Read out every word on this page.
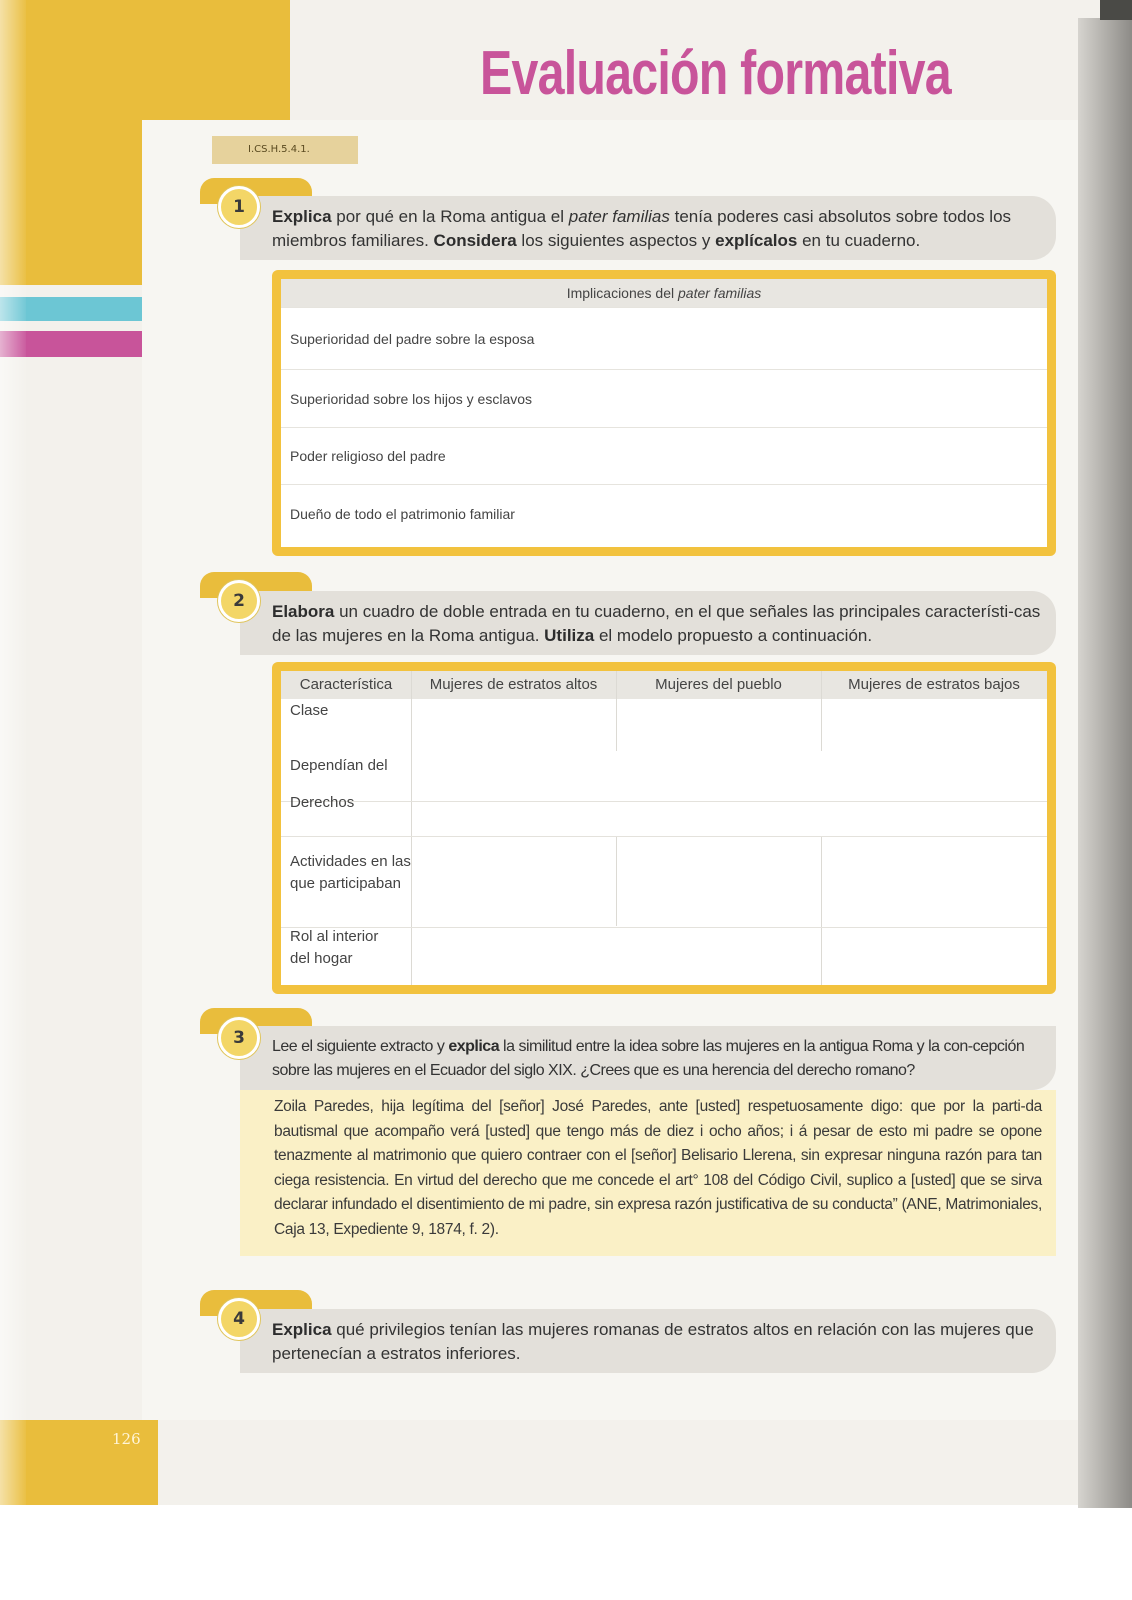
126
Evaluación formativa
I.CS.H.5.4.1.
1	Explica por qué en la Roma antigua el pater familias tenía poderes casi absolutos sobre todos los miembros familiares. Considera los siguientes aspectos y explícalos en tu cuaderno.
Implicaciones del pater familias
Superioridad del padre sobre la esposa
Superioridad sobre los hijos y esclavos
Poder religioso del padre
Dueño de todo el patrimonio familiar
2
Elabora un cuadro de doble entrada en tu cuaderno, en el que señales las principales característi-cas de las mujeres en la Roma antigua. Utiliza el modelo propuesto a continuación.
Característica	Mujeres de estratos altos	Mujeres del pueblo	Mujeres de estratos bajos
Clase
Dependían del
Derechos
Actividades en las
que participaban
Rol al interior
del hogar
3	Lee el siguiente extracto y explica la similitud entre la idea sobre las mujeres en la antigua Roma y la con-cepción sobre las mujeres en el Ecuador del siglo XIX. ¿Crees que es una herencia del derecho romano?
Zoila Paredes, hija legítima del [señor] José Paredes, ante [usted] respetuosamente digo: que por la parti-da bautismal que acompaño verá [usted] que tengo más de diez i ocho años; i á pesar de esto mi padre se opone tenazmente al matrimonio que quiero contraer con el [señor] Belisario Llerena, sin expresar ninguna razón para tan ciega resistencia. En virtud del derecho que me concede el art° 108 del Código Civil, suplico a [usted] que se sirva declarar infundado el disentimiento de mi padre, sin expresa razón justificativa de su conducta” (ANE, Matrimoniales, Caja 13, Expediente 9, 1874, f. 2).
4
Explica qué privilegios tenían las mujeres romanas de estratos altos en relación con las mujeres que pertenecían a estratos inferiores.
